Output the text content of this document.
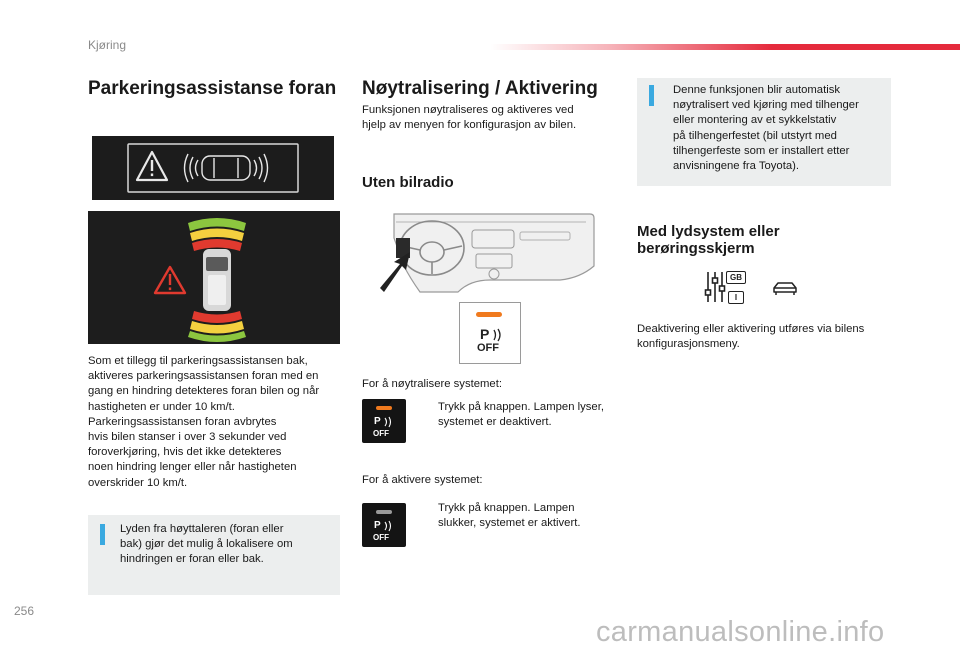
Kjøring
Parkeringsassistanse foran

Som et tillegg til parkeringsassistansen bak,

aktiveres parkeringsassistansen foran med en

gang en hindring detekteres foran bilen og når

hastigheten er under 10 km/t.

Parkeringsassistansen foran avbrytes

hvis bilen stanser i over 3 sekunder ved

foroverkjøring, hvis det ikke detekteres

noen hindring lenger eller når hastigheten

overskrider 10 km/t.

Lyden fra høyttaleren (foran eller

bak) gjør det mulig å lokalisere om

hindringen er foran eller bak.

Nøytralisering / Aktivering

Funksjonen nøytraliseres og aktiveres ved

hjelp av menyen for konfigurasjon av bilen.

Uten bilradio
P
OFF

For å nøytralisere systemet:

P
OFF

Trykk på knappen. Lampen lyser,

systemet er deaktivert.

For å aktivere systemet:

P
OFF

Trykk på knappen. Lampen

slukker, systemet er aktivert.

Denne funksjonen blir automatisk

nøytralisert ved kjøring med tilhenger

eller montering av et sykkelstativ

på tilhengerfestet (bil utstyrt med

tilhengerfeste som er installert etter

anvisningene fra Toyota).

Med lydsystem eller
berøringsskjerm
GB
I

Deaktivering eller aktivering utføres via bilens

konfigurasjonsmeny.

256
carmanualsonline.info
